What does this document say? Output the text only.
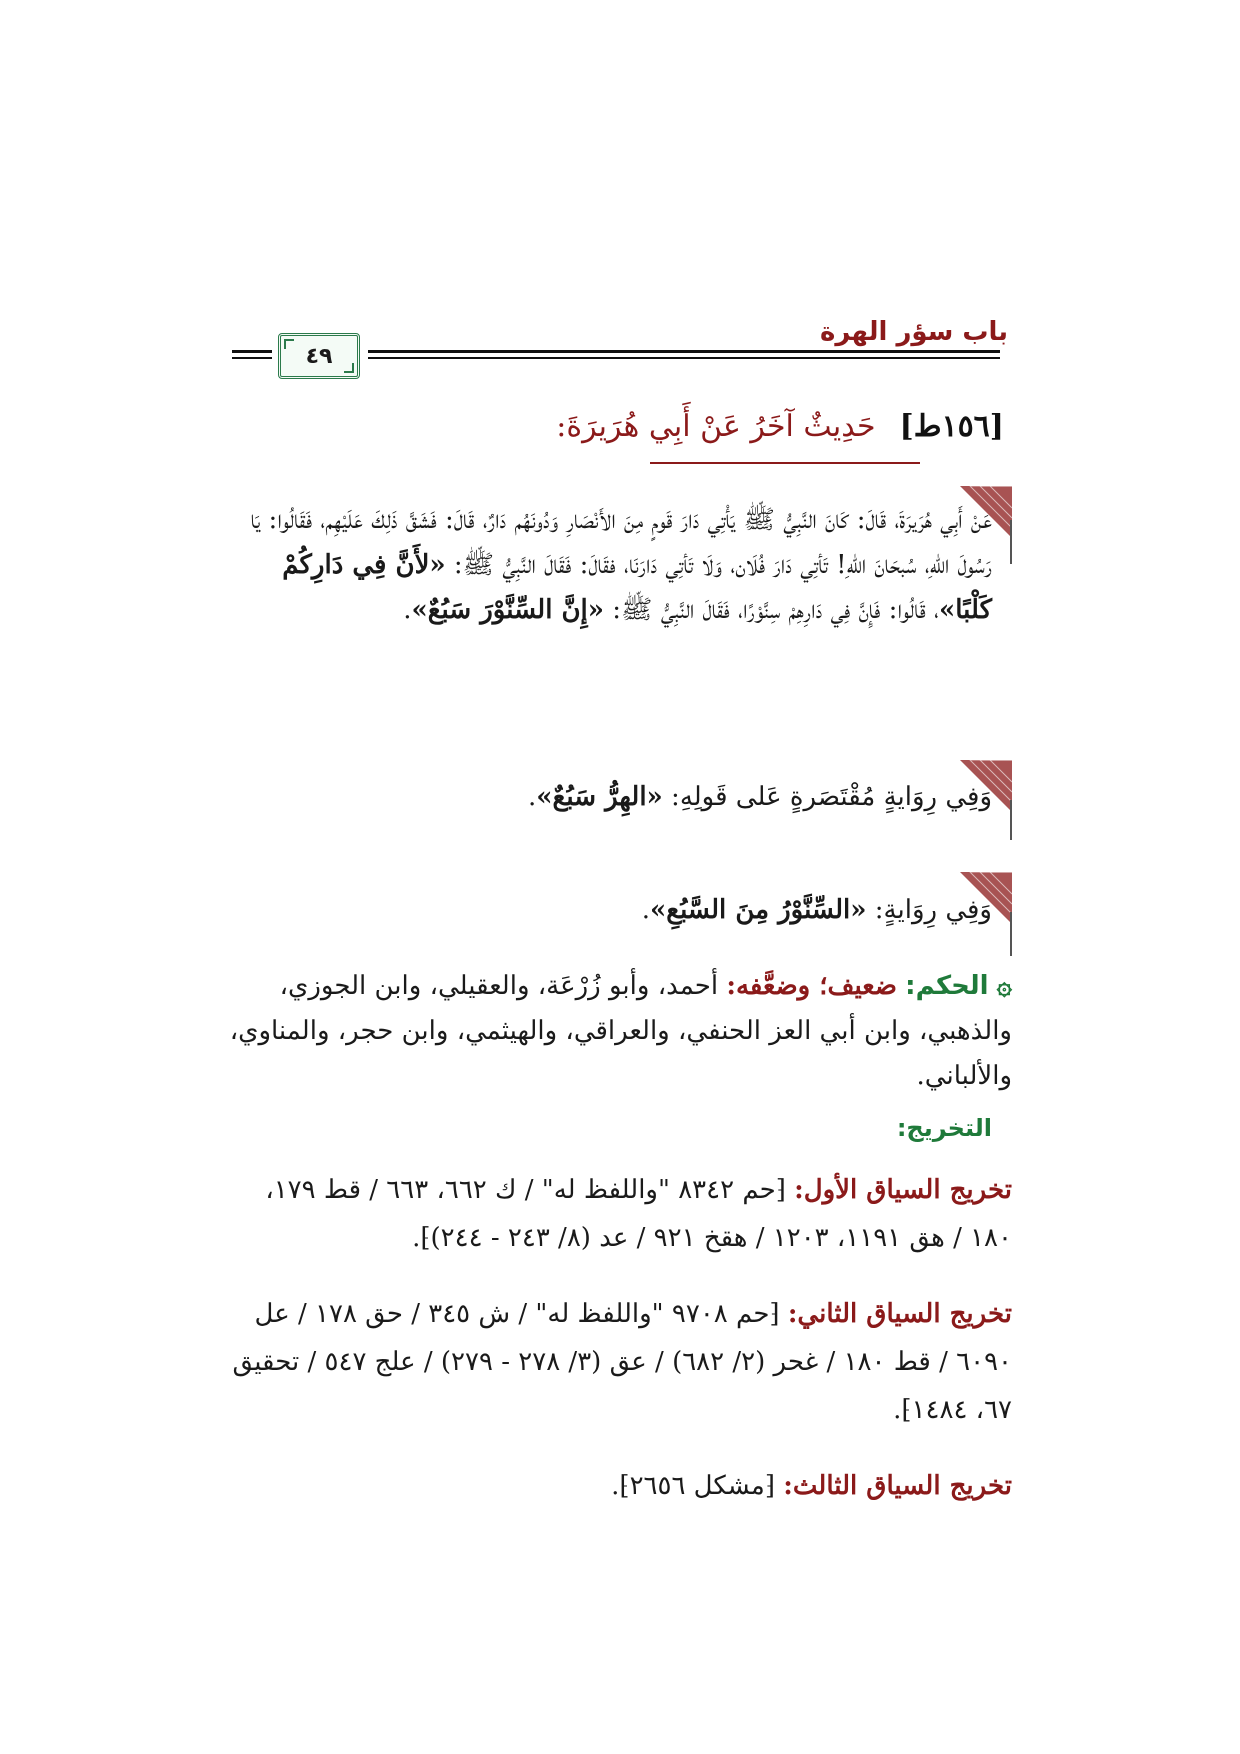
باب سؤر الهرة
٤٩
[١٥٦ط]حَدِيثٌ آخَرُ عَنْ أَبِي هُرَيرَةَ:
عَنْ أَبِي هُرَيرَةَ، قَالَ: كَانَ النَّبِيُّ ﷺ يَأْتِي دَارَ قَومٍ مِنَ الأَنْصَارِ وَدُونَهُم دَارٌ، قَالَ: فَشَقَّ ذَلِكَ عَلَيْهِم، فَقَالُوا: يَا رَسُولَ اللهِ، سُبحَانَ اللهِ! تَأتِي دَارَ فُلَان، وَلَا تَأتِي دَارَنَا، فقَالَ: فَقَالَ النَّبِيُّ ﷺ: «لأَنَّ فِي دَارِكُمْ كَلْبًا»، قَالُوا: فَإِنَّ فِي دَارِهِمْ سِنَّوْرًا، فَقَالَ النَّبِيُّ ﷺ: «إِنَّ السِّنَّوْرَ سَبُعٌ».
وَفِي رِوَايةٍ مُقْتَصَرةٍ عَلى قَولِهِ: «الهِرُّ سَبُعٌ».
وَفِي رِوَايةٍ: «السِّنَّوْرُ مِنَ السَّبُعِ».
۞ الحكم: ضعيف؛ وضعَّفه: أحمد، وأبو زُرْعَة، والعقيلي، وابن الجوزي، والذهبي، وابن أبي العز الحنفي، والعراقي، والهيثمي، وابن حجر، والمناوي، والألباني.
التخريج:
تخريج السياق الأول: ⁅حم ٨٣٤٢ "واللفظ له" / ك ٦٦٢، ٦٦٣ / قط ١٧٩، ١٨٠ / هق ١١٩١، ١٢٠٣ / هقخ ٩٢١ / عد (٨/ ٢٤٣ - ٢٤٤)⁆.
تخريج السياق الثاني: ⁅حم ٩٧٠٨ "واللفظ له" / ش ٣٤٥ / حق ١٧٨ / عل ٦٠٩٠ / قط ١٨٠ / غحر (٢/ ٦٨٢) / عق (٣/ ٢٧٨ - ٢٧٩) / علج ٥٤٧ / تحقيق ٦٧، ١٤٨٤⁆.
تخريج السياق الثالث: ⁅مشكل ٢٦٥٦⁆.
